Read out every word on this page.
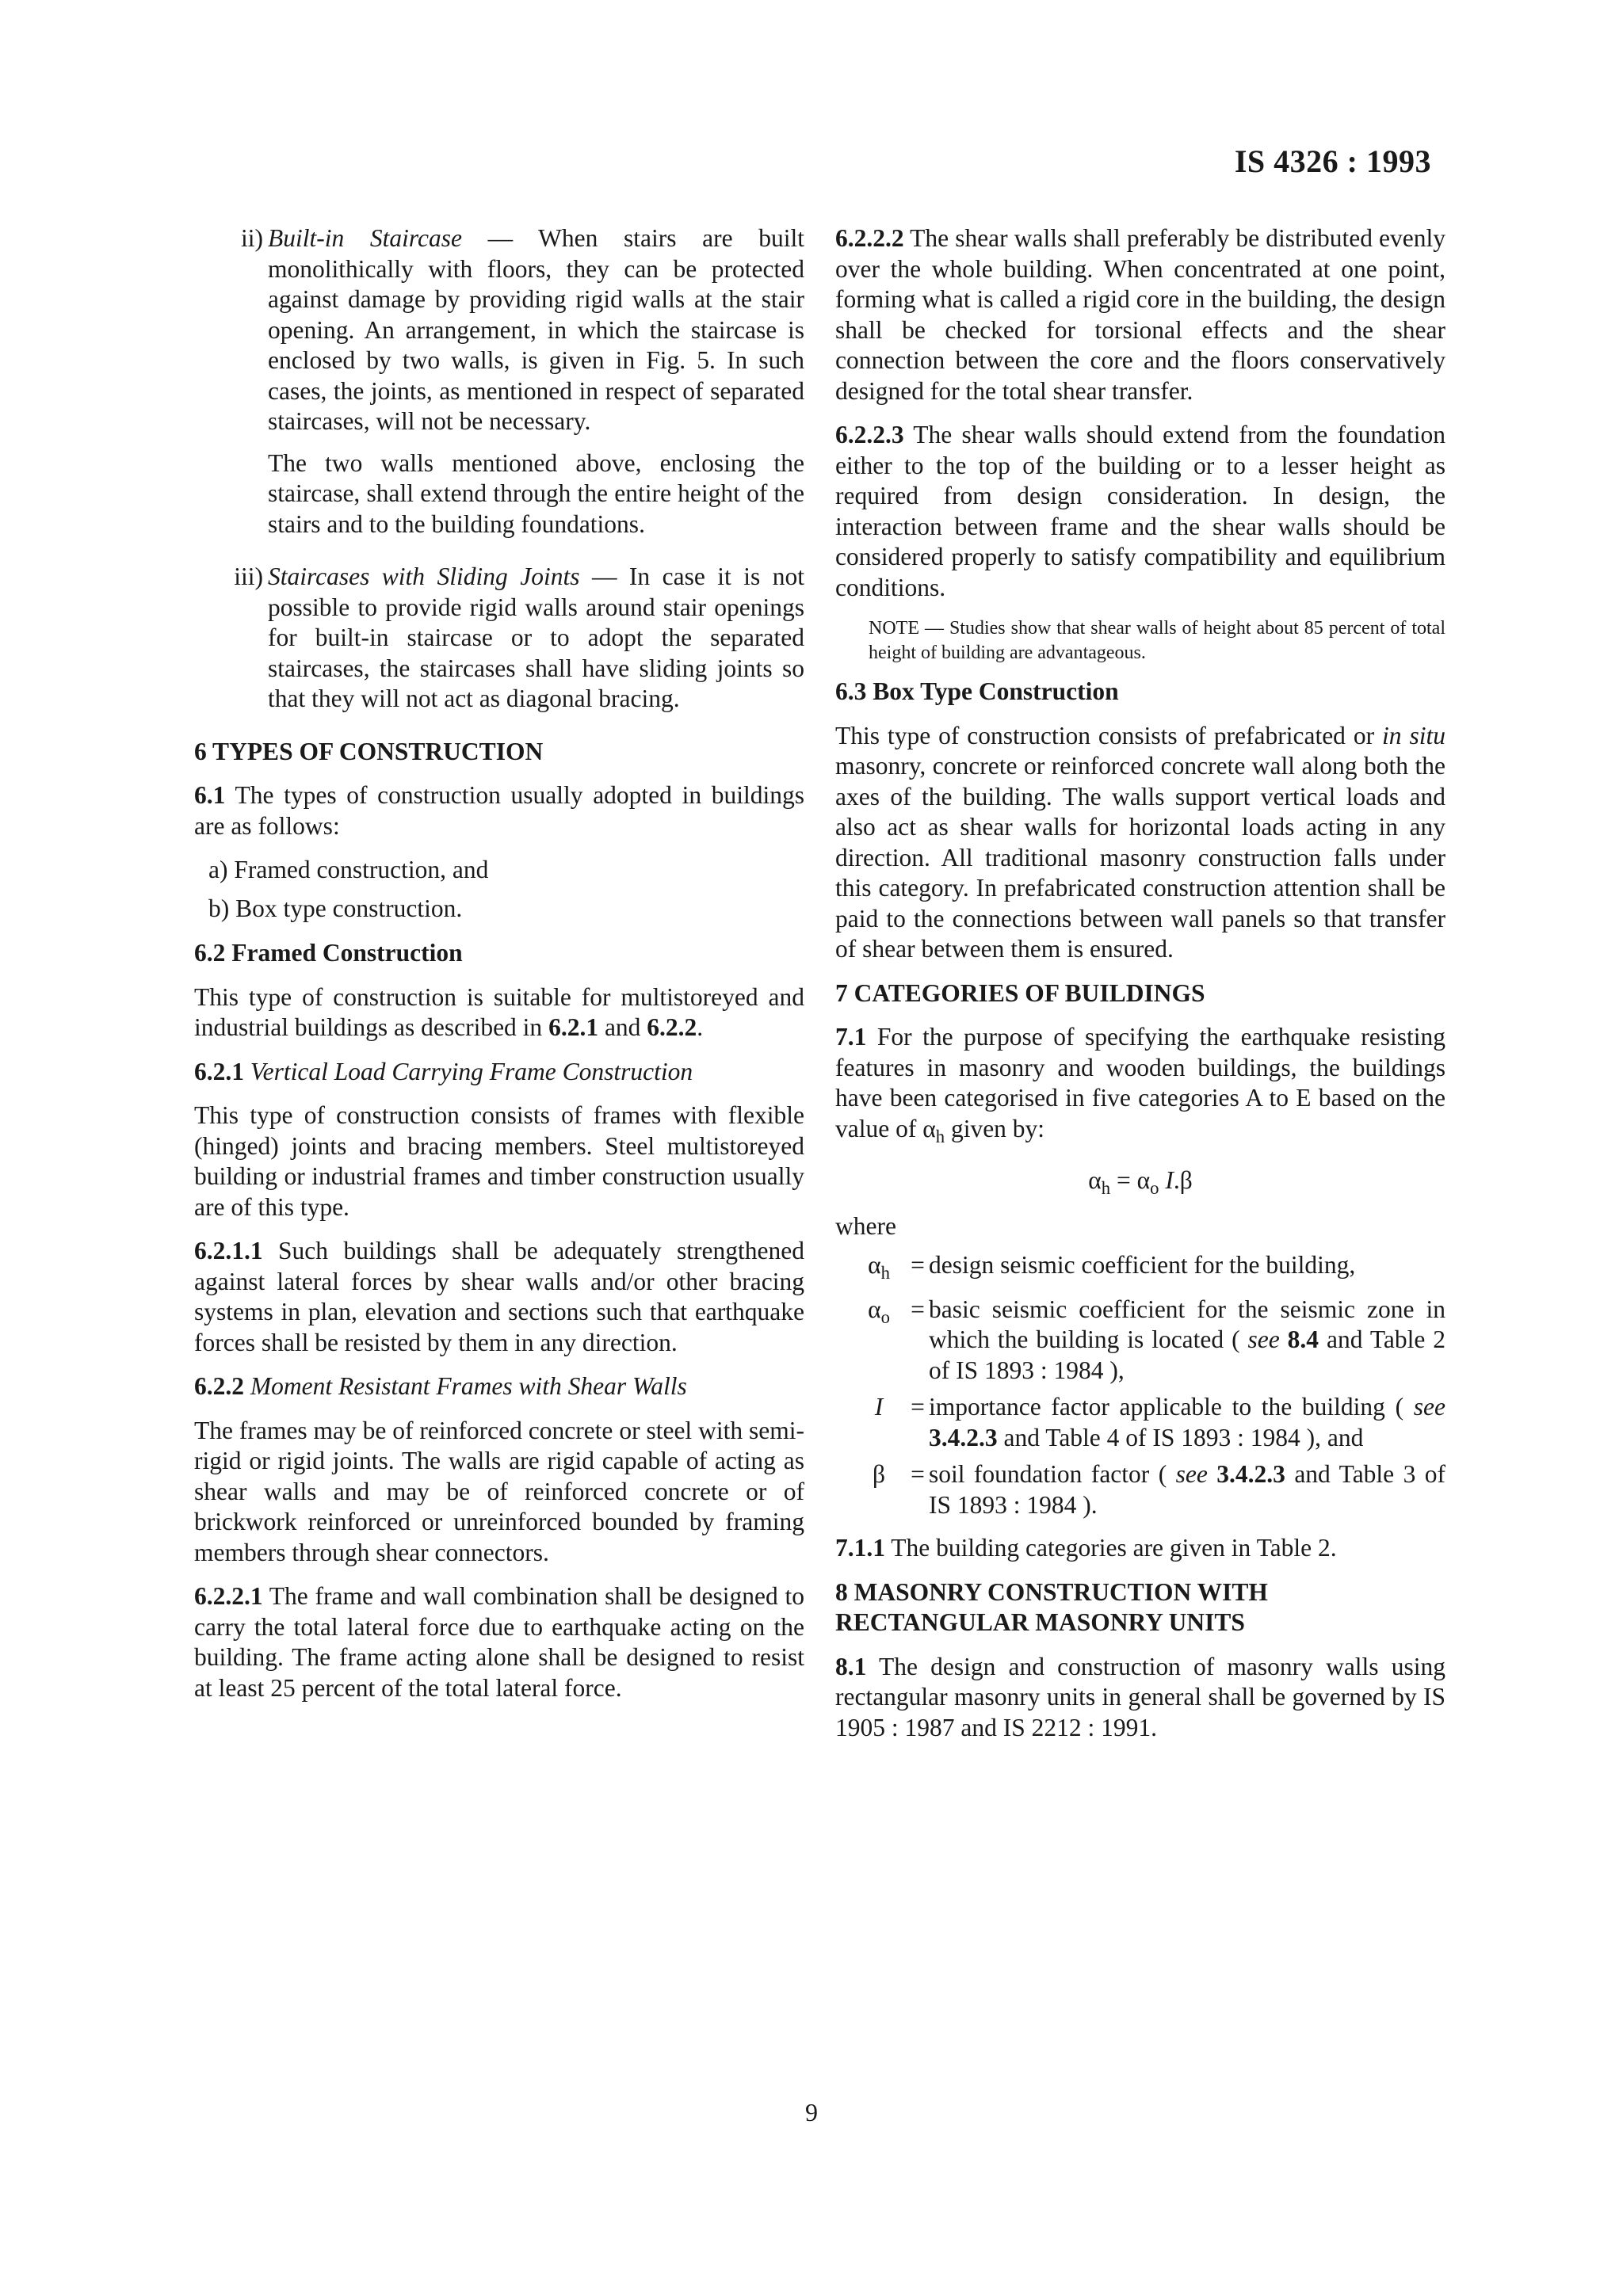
IS 4326 : 1993
ii) Built-in Staircase — When stairs are built monolithically with floors, they can be protected against damage by providing rigid walls at the stair opening. An arrangement, in which the staircase is enclosed by two walls, is given in Fig. 5. In such cases, the joints, as mentioned in respect of separated staircases, will not be necessary.

The two walls mentioned above, enclosing the staircase, shall extend through the entire height of the stairs and to the building foundations.

iii) Staircases with Sliding Joints — In case it is not possible to provide rigid walls around stair openings for built-in staircase or to adopt the separated staircases, the staircases shall have sliding joints so that they will not act as diagonal bracing.

6 TYPES OF CONSTRUCTION

6.1 The types of construction usually adopted in buildings are as follows:

a) Framed construction, and
b) Box type construction.
6.2 Framed Construction

This type of construction is suitable for multistoreyed and industrial buildings as described in 6.2.1 and 6.2.2.

6.2.1 Vertical Load Carrying Frame Construction

This type of construction consists of frames with flexible (hinged) joints and bracing members. Steel multistoreyed building or industrial frames and timber construction usually are of this type.

6.2.1.1 Such buildings shall be adequately strengthened against lateral forces by shear walls and/or other bracing systems in plan, elevation and sections such that earthquake forces shall be resisted by them in any direction.

6.2.2 Moment Resistant Frames with Shear Walls

The frames may be of reinforced concrete or steel with semi-rigid or rigid joints. The walls are rigid capable of acting as shear walls and may be of reinforced concrete or of brickwork reinforced or unreinforced bounded by framing members through shear connectors.

6.2.2.1 The frame and wall combination shall be designed to carry the total lateral force due to earthquake acting on the building. The frame acting alone shall be designed to resist at least 25 percent of the total lateral force.

6.2.2.2 The shear walls shall preferably be distributed evenly over the whole building. When concentrated at one point, forming what is called a rigid core in the building, the design shall be checked for torsional effects and the shear connection between the core and the floors conservatively designed for the total shear transfer.

6.2.2.3 The shear walls should extend from the foundation either to the top of the building or to a lesser height as required from design consideration. In design, the interaction between frame and the shear walls should be considered properly to satisfy compatibility and equilibrium conditions.

NOTE — Studies show that shear walls of height about 85 percent of total height of building are advantageous.
6.3 Box Type Construction

This type of construction consists of prefabricated or in situ masonry, concrete or reinforced concrete wall along both the axes of the building. The walls support vertical loads and also act as shear walls for horizontal loads acting in any direction. All traditional masonry construction falls under this category. In prefabricated construction attention shall be paid to the connections between wall panels so that transfer of shear between them is ensured.

7 CATEGORIES OF BUILDINGS

7.1 For the purpose of specifying the earthquake resisting features in masonry and wooden buildings, the buildings have been categorised in five categories A to E based on the value of $\alpha_h$ given by:

$\alpha_h = \alpha_o$ I.β
where
$\alpha_h$ = design seismic coefficient for the building,
$\alpha_o$ = basic seismic coefficient for the seismic zone in which the building is located ( see 8.4 and Table 2 of IS 1893 : 1984 ),
I	= importance factor applicable to the building ( see 3.4.2.3 and Table 4 of IS 1893 : 1984 ), and
β	= soil foundation factor ( see 3.4.2.3 and Table 3 of IS 1893 : 1984 ).

7.1.1 The building categories are given in Table 2.

8 MASONRY CONSTRUCTION WITH
RECTANGULAR MASONRY UNITS

8.1 The design and construction of masonry walls using rectangular masonry units in general shall be governed by IS 1905 : 1987 and IS 2212 : 1991.

9
